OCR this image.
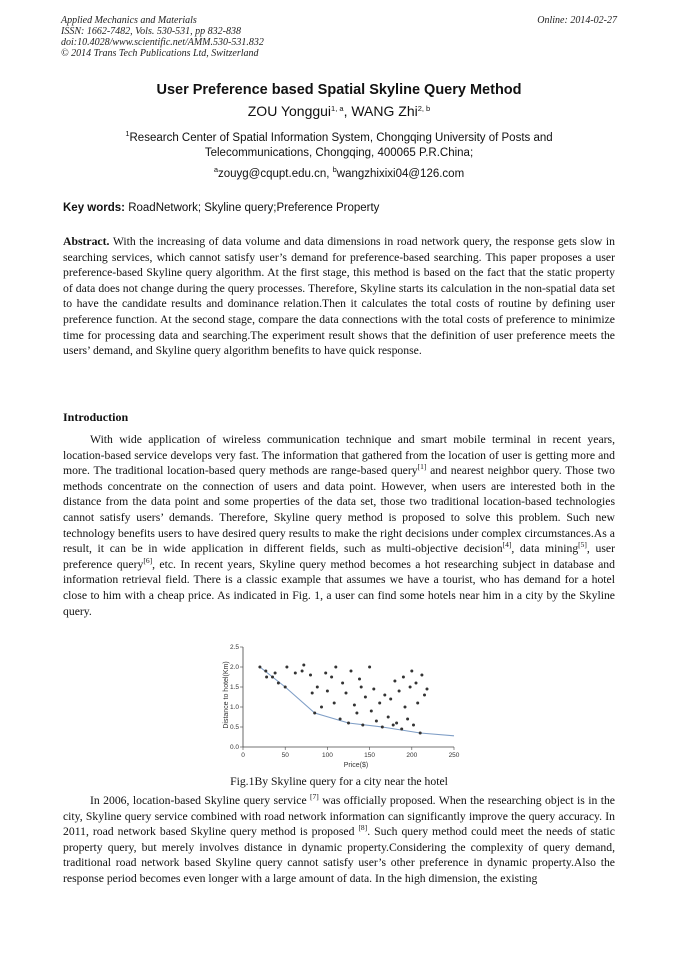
Applied Mechanics and Materials
ISSN: 1662-7482, Vols. 530-531, pp 832-838
doi:10.4028/www.scientific.net/AMM.530-531.832
© 2014 Trans Tech Publications Ltd, Switzerland
Online: 2014-02-27
User Preference based Spatial Skyline Query Method
ZOU Yonggui$^{1, a}$, WANG Zhi$^{2, b}$
$^1$Research Center of Spatial Information System, Chongqing University of Posts and Telecommunications, Chongqing, 400065 P.R.China;
$^a$zouyg@cqupt.edu.cn, $^b$wangzhixixi04@126.com
Key words: RoadNetwork; Skyline query;Preference Property
Abstract. With the increasing of data volume and data dimensions in road network query, the response gets slow in searching services, which cannot satisfy user’s demand for preference-based searching. This paper proposes a user preference-based Skyline query algorithm. At the first stage, this method is based on the fact that the static property of data does not change during the query processes. Therefore, Skyline starts its calculation in the non-spatial data set to have the candidate results and dominance relation.Then it calculates the total costs of routine by defining user preference function. At the second stage, compare the data connections with the total costs of preference to minimize time for processing data and searching.The experiment result shows that the definition of user preference meets the users’ demand, and Skyline query algorithm benefits to have quick response.
Introduction
With wide application of wireless communication technique and smart mobile terminal in recent years, location-based service develops very fast. The information that gathered from the location of user is getting more and more. The traditional location-based query methods are range-based query[1] and nearest neighbor query. Those two methods concentrate on the connection of users and data point. However, when users are interested both in the distance from the data point and some properties of the data set, those two traditional location-based technologies cannot satisfy users’ demands. Therefore, Skyline query method is proposed to solve this problem. Such new technology benefits users to have desired query results to make the right decisions under complex circumstances.As a result, it can be in wide application in different fields, such as multi-objective decision[4], data mining[5], user preference query[6], etc. In recent years, Skyline query method becomes a hot researching subject in database and information retrieval field. There is a classic example that assumes we have a tourist, who has demand for a hotel close to him with a cheap price. As indicated in Fig. 1, a user can find some hotels near him in a city by the Skyline query.
0	50	100	150	200	250
0.0
0.5
1.0
1.5
2.0
2.5
Distance to hotel(Km)
Price($)
Fig.1By Skyline query for a city near the hotel
In 2006, location-based Skyline query service [7] was officially proposed. When the researching object is in the city, Skyline query service combined with road network information can significantly improve the query accuracy. In 2011, road network based Skyline query method is proposed [8]. Such query method could meet the needs of static property query, but merely involves distance in dynamic property.Considering the complexity of query demand, traditional road network based Skyline query cannot satisfy user’s other preference in dynamic property.Also the response period becomes even longer with a large amount of data. In the high dimension, the existing
